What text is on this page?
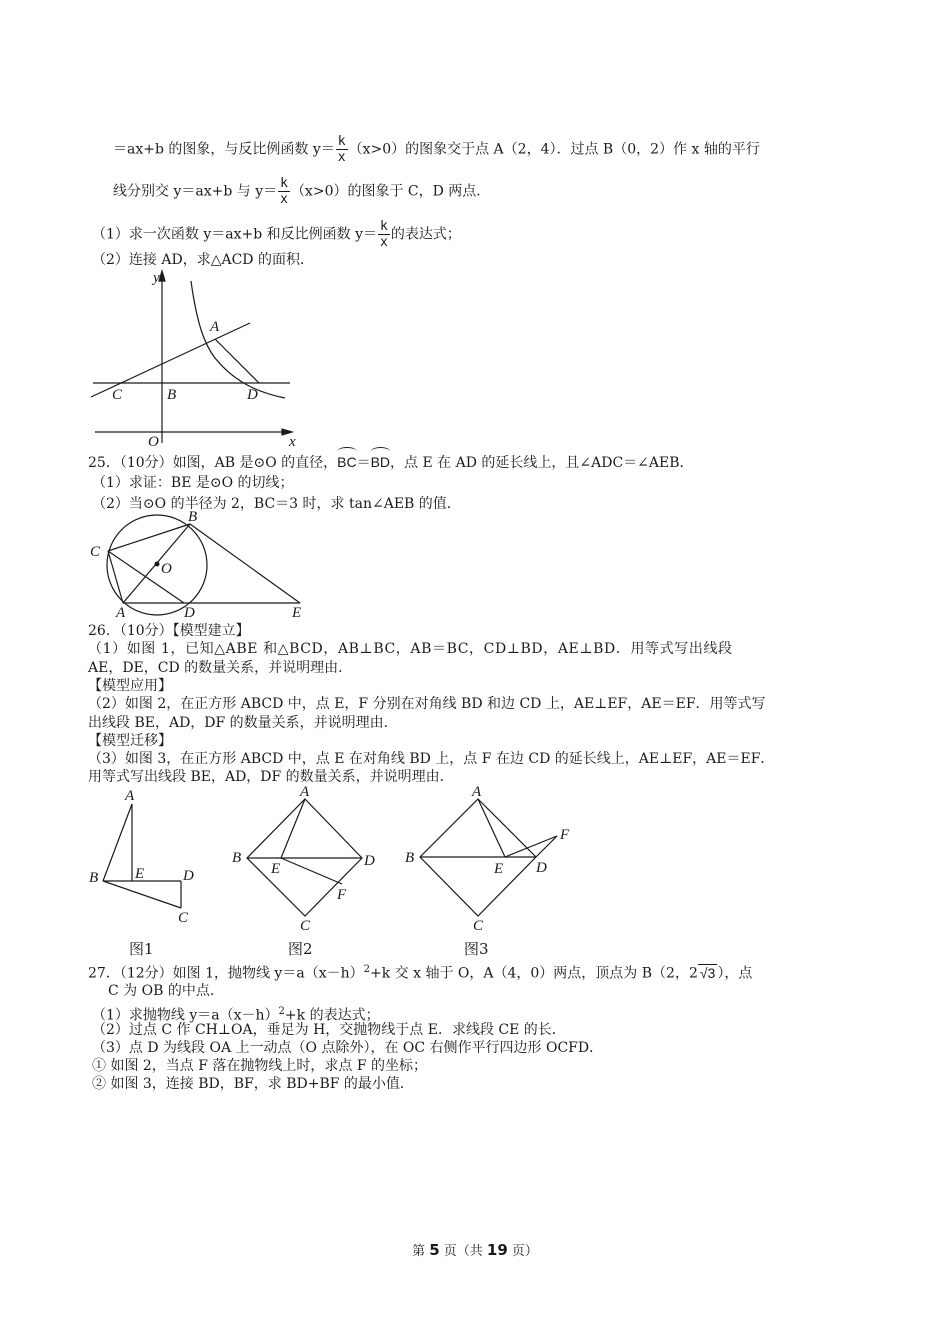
＝ax+b 的图象，与反比例函数 $y= \frac{k}{x} (x>0)$的图象交于点 A（2，4）．过点 B（0，2）作 x 轴的平行
线分别交 y＝ax+b 与 $y= \frac{k}{x} (x>0)$的图象于 C，D 两点．
（1）求一次函数 y＝ax+b 和反比例函数 $y= \frac{k}{x}$ 的表达式；
（2）连接 AD，求△ACD 的面积．
y
x
O
A
B
C	D
25．（10分）如图，AB 是⊙O 的直径，BC＝BD，点 E 在 AD 的延长线上，且∠ADC＝∠AEB．
（1）求证：BE 是⊙O 的切线；
（2）当⊙O 的半径为 2，BC＝3 时，求 tan∠AEB 的值．
B
C
O
A	D	E
26．（10分）【模型建立】
（1）如图 1，已知△ABE 和△BCD，AB⊥BC，AB＝BC，CD⊥BD，AE⊥BD．用等式写出线段
AE，DE，CD 的数量关系，并说明理由．
【模型应用】
（2）如图 2，在正方形 ABCD 中，点 E，F 分别在对角线 BD 和边 CD 上，AE⊥EF，AE＝EF．用等式写
出线段 BE，AD，DF 的数量关系，并说明理由．
【模型迁移】
（3）如图 3，在正方形 ABCD 中，点 E 在对角线 BD 上，点 F 在边 CD 的延长线上，AE⊥EF，AE＝EF．
用等式写出线段 BE，AD，DF 的数量关系，并说明理由．
A
B E	D
C
图1
A
B
E	D
F
C
图2
A
B
E D
F
C
图3
27．（12分）如图 1，抛物线 $y=a(x-h)^2+k$ 交 x 轴于 O，A（4，0）两点，顶点为 B（2，2 √3 ），点
C 为 OB 的中点．
（1）求抛物线 $y=a(x-h)^2+k$ 的表达式；
（2）过点 C 作 CH⊥OA，垂足为 H，交抛物线于点 E．求线段 CE 的长．
（3）点 D 为线段 OA 上一动点（O 点除外），在 OC 右侧作平行四边形 OCFD．
① 如图 2，当点 F 落在抛物线上时，求点 F 的坐标；
② 如图 3，连接 BD，BF，求 BD+BF 的最小值．
第 5 页（共 19 页）
